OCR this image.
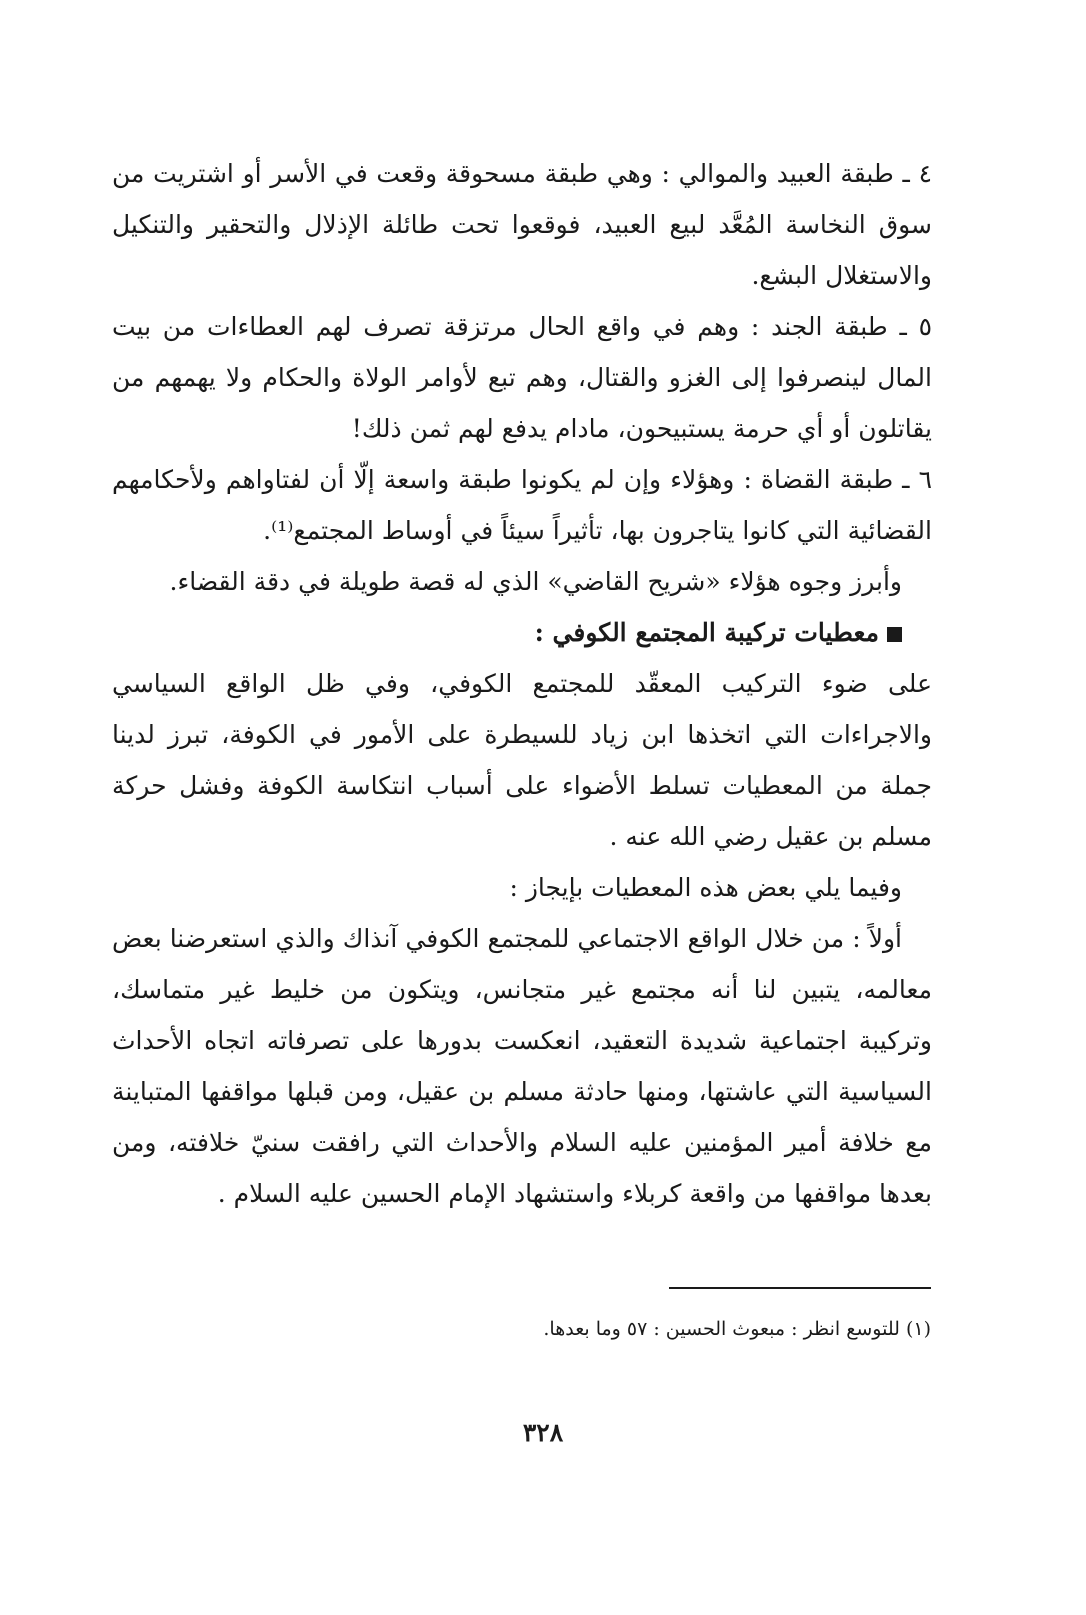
٤ ـ طبقة العبيد والموالي : وهي طبقة مسحوقة وقعت في الأسر أو اشتريت من سوق النخاسة المُعَّد لبيع العبيد، فوقعوا تحت طائلة الإذلال والتحقير والتنكيل والاستغلال البشع.

٥ ـ طبقة الجند : وهم في واقع الحال مرتزقة تصرف لهم العطاءات من بيت المال لينصرفوا إلى الغزو والقتال، وهم تبع لأوامر الولاة والحكام ولا يهمهم من يقاتلون أو أي حرمة يستبيحون، مادام يدفع لهم ثمن ذلك!

٦ ـ طبقة القضاة : وهؤلاء وإن لم يكونوا طبقة واسعة إلّا أن لفتاواهم ولأحكامهم القضائية التي كانوا يتاجرون بها، تأثيراً سيئاً في أوساط المجتمع⁽¹⁾.

وأبرز وجوه هؤلاء «شريح القاضي» الذي له قصة طويلة في دقة القضاء.

معطيات تركيبة المجتمع الكوفي :

على ضوء التركيب المعقّد للمجتمع الكوفي، وفي ظل الواقع السياسي والاجراءات التي اتخذها ابن زياد للسيطرة على الأمور في الكوفة، تبرز لدينا جملة من المعطيات تسلط الأضواء على أسباب انتكاسة الكوفة وفشل حركة مسلم بن عقيل رضي الله عنه .

وفيما يلي بعض هذه المعطيات بإيجاز :

أولاً : من خلال الواقع الاجتماعي للمجتمع الكوفي آنذاك والذي استعرضنا بعض معالمه، يتبين لنا أنه مجتمع غير متجانس، ويتكون من خليط غير متماسك، وتركيبة اجتماعية شديدة التعقيد، انعكست بدورها على تصرفاته اتجاه الأحداث السياسية التي عاشتها، ومنها حادثة مسلم بن عقيل، ومن قبلها مواقفها المتباينة مع خلافة أمير المؤمنين عليه السلام والأحداث التي رافقت سنيّ خلافته، ومن بعدها مواقفها من واقعة كربلاء واستشهاد الإمام الحسين عليه السلام .

(١) للتوسع انظر : مبعوث الحسين : ٥٧ وما بعدها.
٣٢٨
